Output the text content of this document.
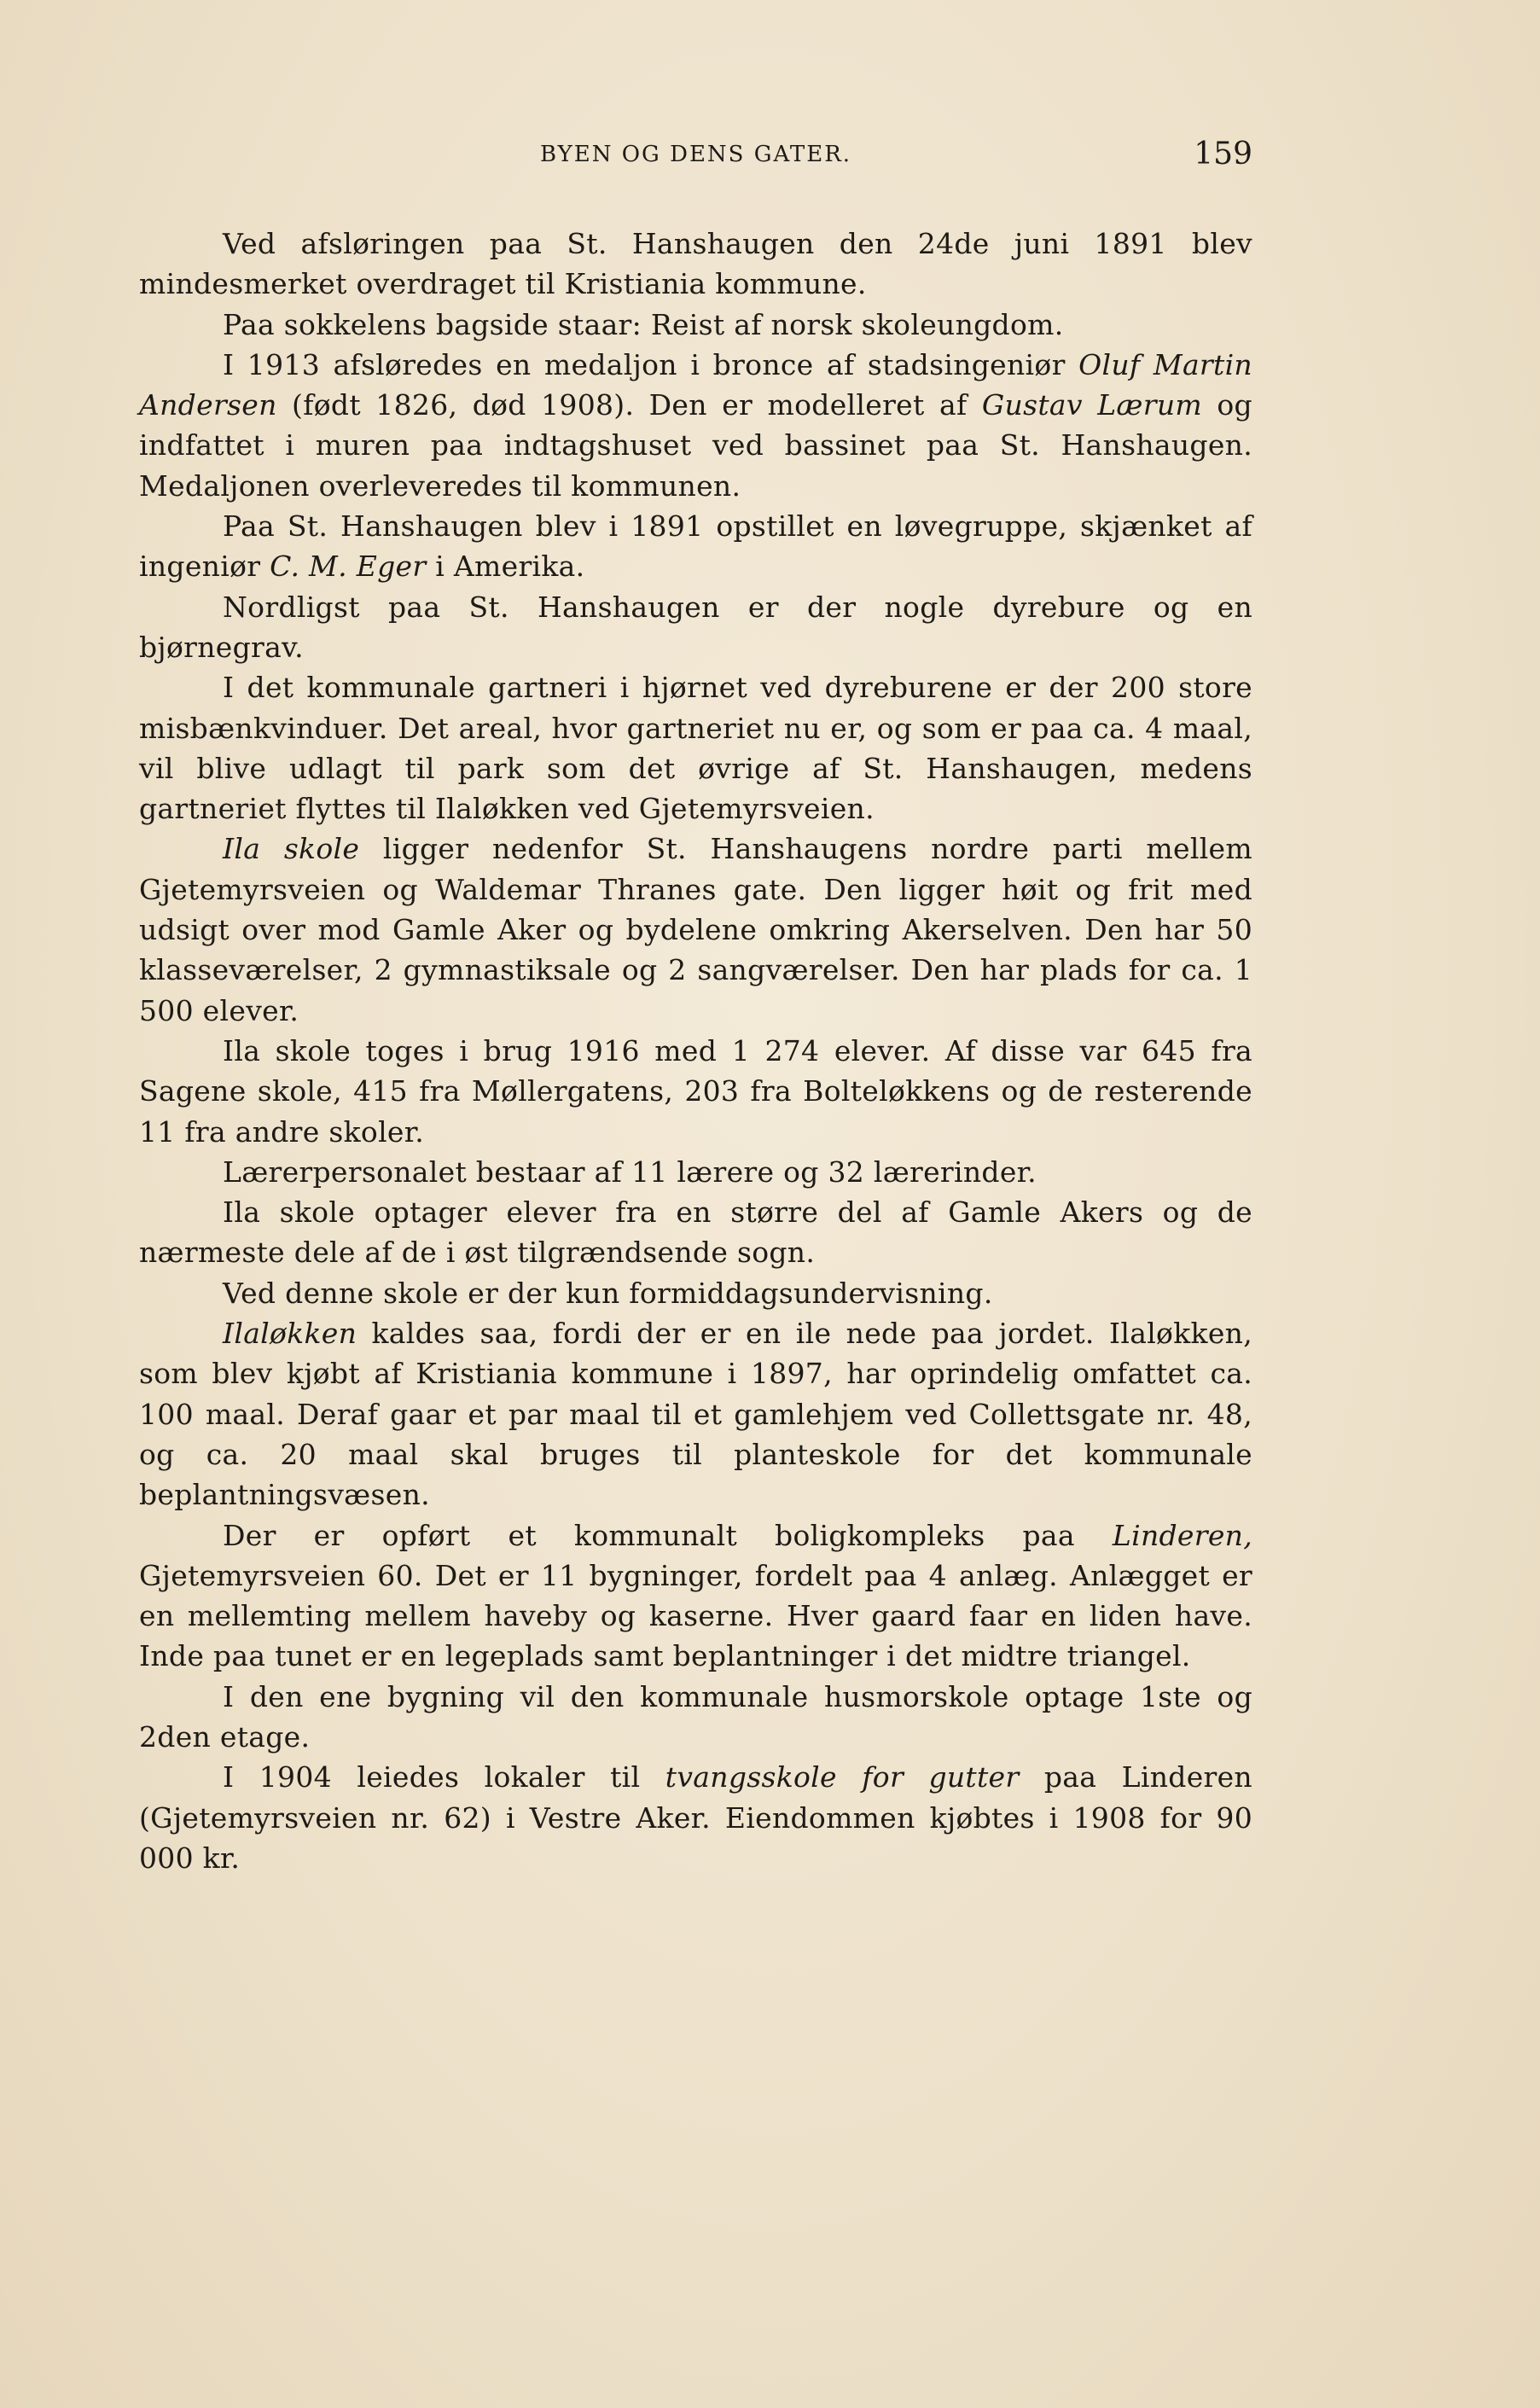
BYEN OG DENS GATER.	159

Ved afsløringen paa St. Hanshaugen den 24de juni 1891 blev mindesmerket overdraget til Kristiania kommune.

Paa sokkelens bagside staar: Reist af norsk skoleungdom.

I 1913 afsløredes en medaljon i bronce af stadsingeniør Oluf Martin Andersen (født 1826, død 1908). Den er modelleret af Gustav Lærum og indfattet i muren paa indtagshuset ved bassinet paa St. Hanshaugen. Medaljonen overleveredes til kommunen.

Paa St. Hanshaugen blev i 1891 opstillet en løvegruppe, skjænket af ingeniør C. M. Eger i Amerika.

Nordligst paa St. Hanshaugen er der nogle dyrebure og en bjørnegrav.

I det kommunale gartneri i hjørnet ved dyreburene er der 200 store misbænkvinduer. Det areal, hvor gartneriet nu er, og som er paa ca. 4 maal, vil blive udlagt til park som det øvrige af St. Hanshaugen, medens gartneriet flyttes til Ilaløkken ved Gjetemyrsveien.

Ila skole ligger nedenfor St. Hanshaugens nordre parti mellem Gjetemyrsveien og Waldemar Thranes gate. Den ligger høit og frit med udsigt over mod Gamle Aker og bydelene omkring Akerselven. Den har 50 klasseværelser, 2 gymnastiksale og 2 sangværelser. Den har plads for ca. 1 500 elever.

Ila skole toges i brug 1916 med 1 274 elever. Af disse var 645 fra Sagene skole, 415 fra Møllergatens, 203 fra Bolteløkkens og de resterende 11 fra andre skoler.

Lærerpersonalet bestaar af 11 lærere og 32 lærerinder.

Ila skole optager elever fra en større del af Gamle Akers og de nærmeste dele af de i øst tilgrændsende sogn.

Ved denne skole er der kun formiddagsundervisning.

Ilaløkken kaldes saa, fordi der er en ile nede paa jordet. Ilaløkken, som blev kjøbt af Kristiania kommune i 1897, har oprindelig omfattet ca. 100 maal. Deraf gaar et par maal til et gamlehjem ved Collettsgate nr. 48, og ca. 20 maal skal bruges til planteskole for det kommunale beplantningsvæsen.

Der er opført et kommunalt boligkompleks paa Linderen, Gjetemyrsveien 60. Det er 11 bygninger, fordelt paa 4 anlæg. Anlægget er en mellemting mellem haveby og kaserne. Hver gaard faar en liden have. Inde paa tunet er en legeplads samt beplantninger i det midtre triangel.

I den ene bygning vil den kommunale husmorskole optage 1ste og 2den etage.

I 1904 leiedes lokaler til tvangsskole for gutter paa Linderen (Gjetemyrsveien nr. 62) i Vestre Aker. Eiendommen kjøbtes i 1908 for 90 000 kr.
